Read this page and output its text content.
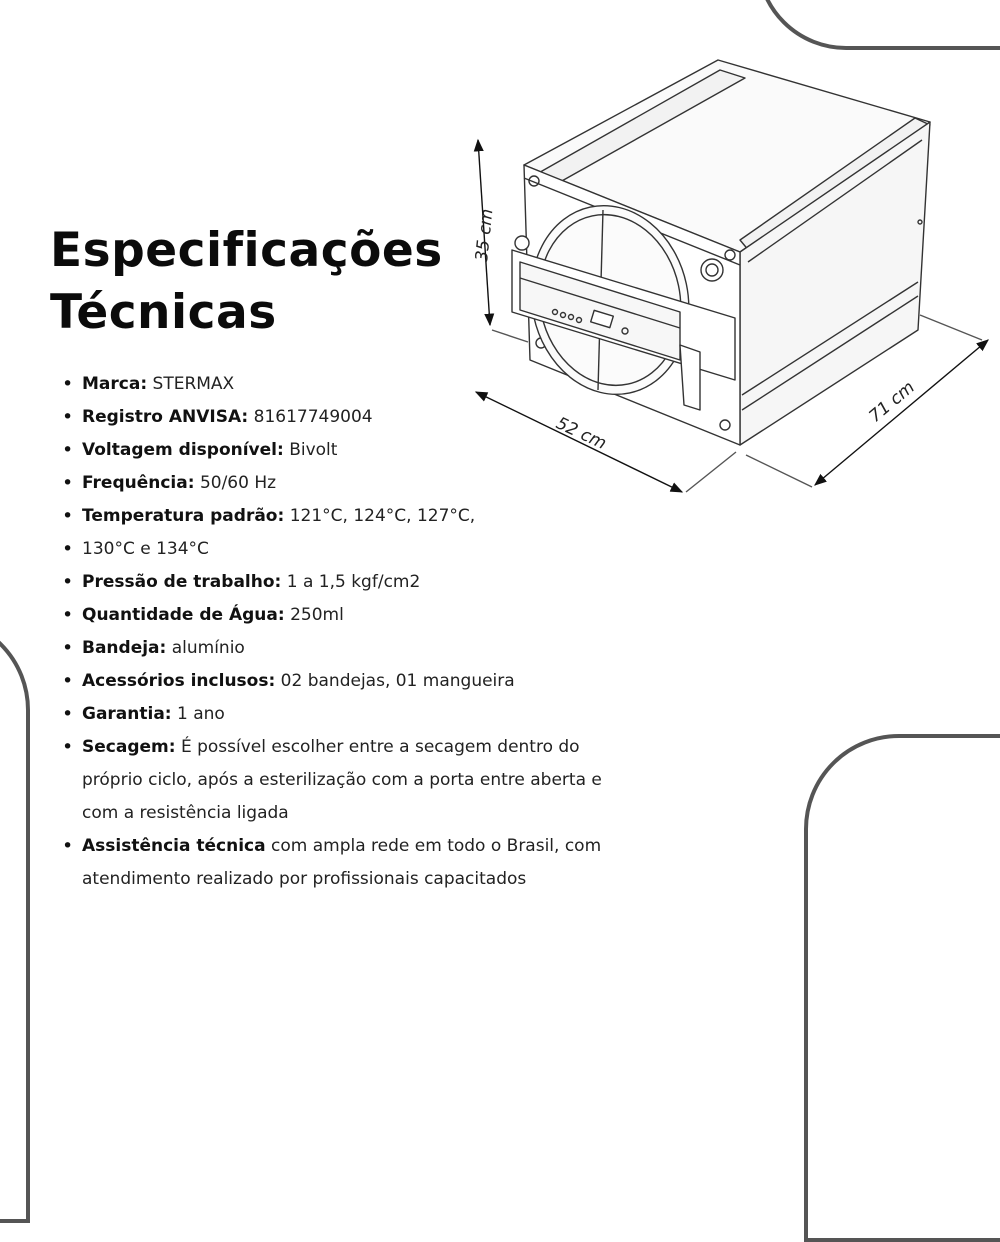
Especificações
Técnicas
• Marca: STERMAX
• Registro ANVISA: 81617749004
• Voltagem disponível: Bivolt
• Frequência: 50/60 Hz
• Temperatura padrão: 121°C, 124°C, 127°C,
• 130°C e 134°C
• Pressão de trabalho: 1 a 1,5 kgf/cm2
• Quantidade de Água: 250ml
• Bandeja: alumínio
• Acessórios inclusos: 02 bandejas, 01 mangueira
• Garantia: 1 ano
• Secagem: É possível escolher entre a secagem dentro do próprio ciclo, após a esterilização com a porta entre aberta e com a resistência ligada
• Assistência técnica com ampla rede em todo o Brasil, com atendimento realizado por profissionais capacitados
35 cm
52 cm
71 cm
